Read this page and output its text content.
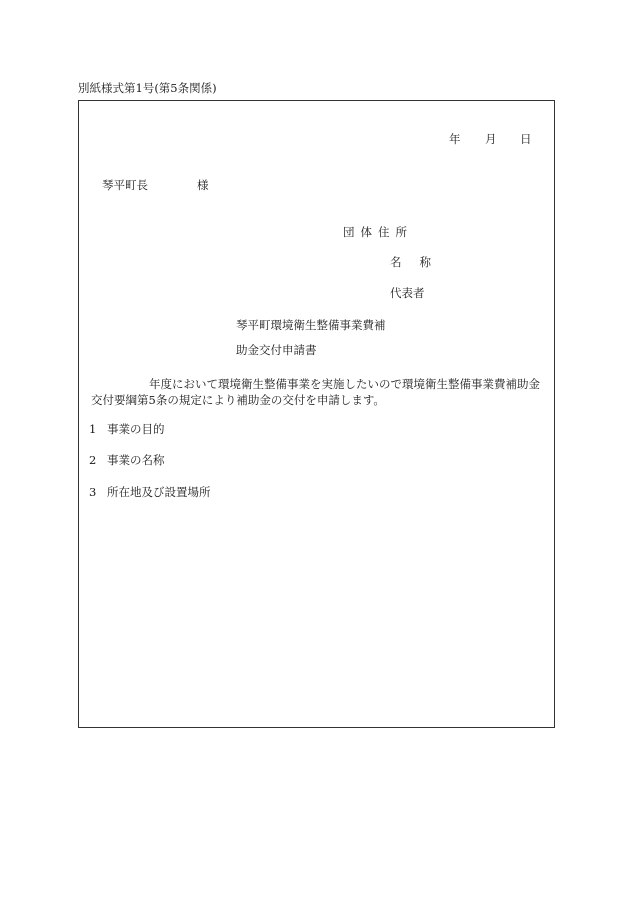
別紙様式第1号(第5条関係)
年 月 日
琴平町長	様
団体住所
名称
代表者
琴平町環境衛生整備事業費補
助金交付申請書
年度において環境衛生整備事業を実施したいので環境衛生整備事業費補助金交付要綱第5条の規定により補助金の交付を申請します。
1 事業の目的
2 事業の名称
3 所在地及び設置場所
